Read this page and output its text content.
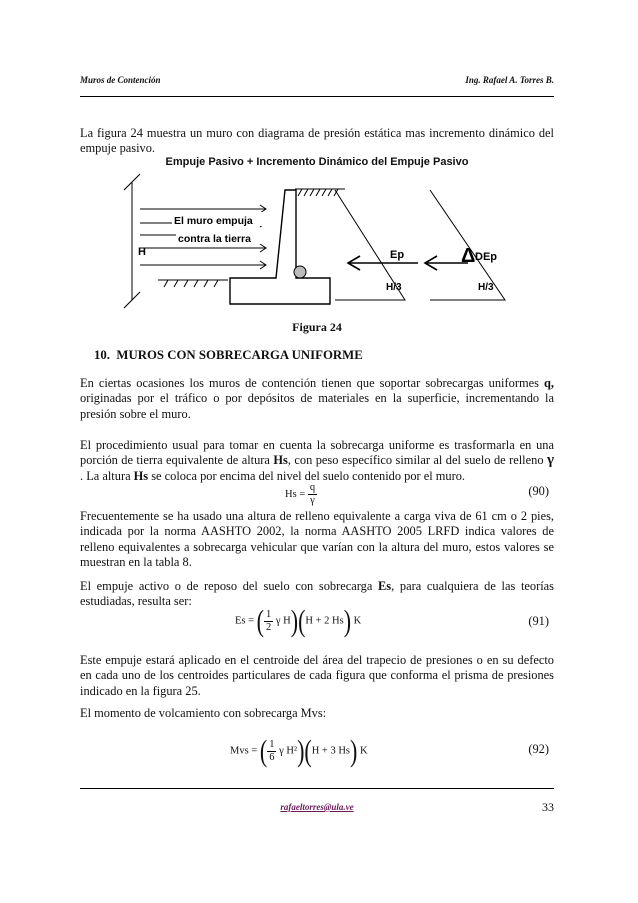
Muros de Contención	Ing. Rafael A. Torres B.
La figura 24 muestra un muro con diagrama de presión estática mas incremento dinámico del empuje pasivo.
Empuje Pasivo + Incremento Dinámico del Empuje Pasivo
H
El muro empuja
contra la tierra
Ep
H/3
Δ DEp
H/3
Figura 24
10. MUROS CON SOBRECARGA UNIFORME
En ciertas ocasiones los muros de contención tienen que soportar sobrecargas uniformes q, originadas por el tráfico o por depósitos de materiales en la superficie, incrementando la presión sobre el muro.
El procedimiento usual para tomar en cuenta la sobrecarga uniforme es trasformarla en una porción de tierra equivalente de altura Hs, con peso específico similar al del suelo de relleno γ . La altura Hs se coloca por encima del nivel del suelo contenido por el muro.
$Hs = \frac{q}{\gamma}$	(90)
Frecuentemente se ha usado una altura de relleno equivalente a carga viva de 61 cm o 2 pies, indicada por la norma AASHTO 2002, la norma AASHTO 2005 LRFD indica valores de relleno equivalentes a sobrecarga vehicular que varían con la altura del muro, estos valores se muestran en la tabla 8.
El empuje activo o de reposo del suelo con sobrecarga Es, para cualquiera de las teorías estudiadas, resulta ser:
Es = ( $\frac{1}{2}$ γ H)(H + 2 Hs) K	(91)
Este empuje estará aplicado en el centroide del área del trapecio de presiones o en su defecto en cada uno de los centroides particulares de cada figura que conforma el prisma de presiones indicado en la figura 25.
El momento de volcamiento con sobrecarga Mvs:
Mvs = ( $\frac{1}{6}$ γ H²)(H + 3 Hs) K	(92)
rafaeltorres@ula.ve	33
